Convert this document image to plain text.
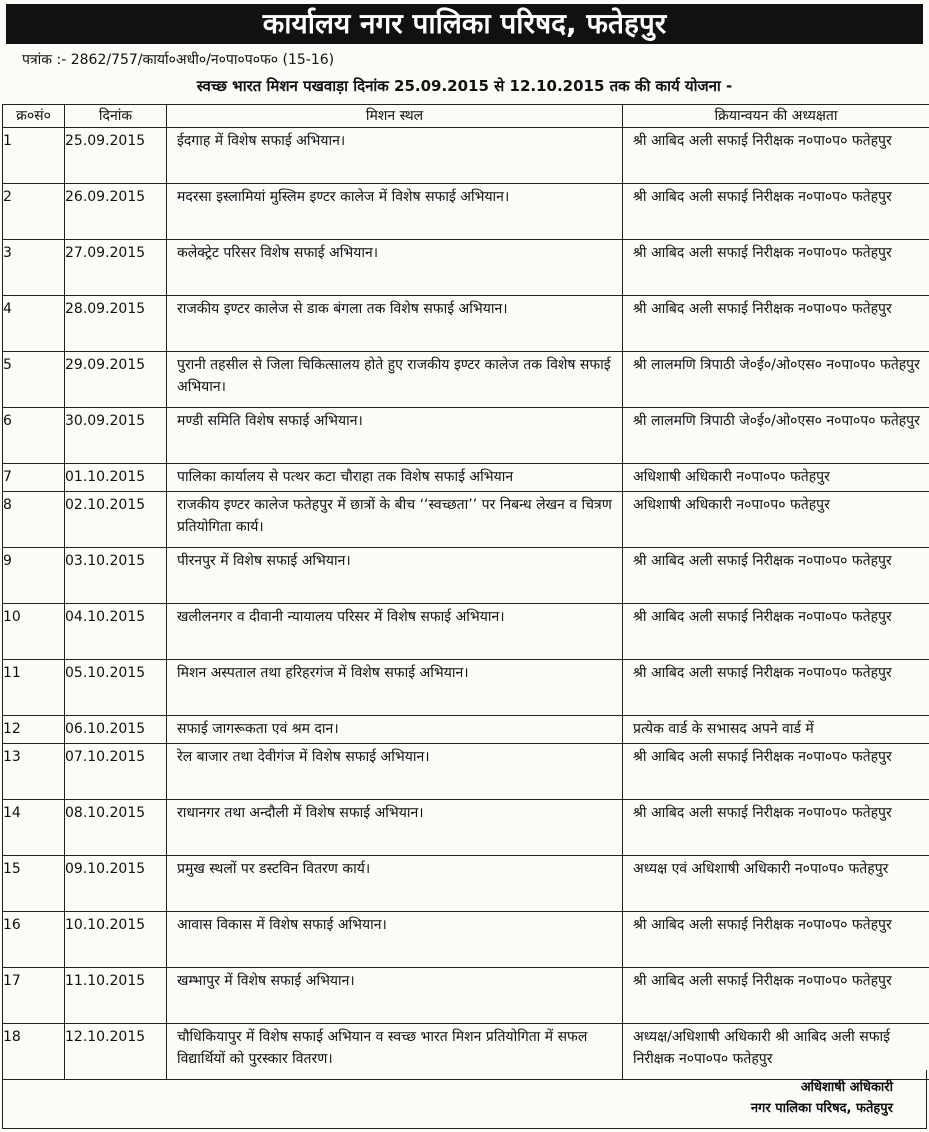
कार्यालय नगर पालिका परिषद, फतेहपुर
पत्रांक :- 2862/757/कार्या०अधी०/न०पा०प०फ० (15-16)
स्वच्छ भारत मिशन पखवाड़ा दिनांक 25.09.2015 से 12.10.2015 तक की कार्य योजना -
क्र०सं०	दिनांक	मिशन स्थल	क्रियान्वयन की अध्यक्षता
1	25.09.2015	ईदगाह में विशेष सफाई अभियान।	श्री आबिद अली सफाई निरीक्षक न०पा०प० फतेहपुर
2	26.09.2015	मदरसा इस्लामियां मुस्लिम इण्टर कालेज में विशेष सफाई अभियान।	श्री आबिद अली सफाई निरीक्षक न०पा०प० फतेहपुर
3	27.09.2015	कलेक्ट्रेट परिसर विशेष सफाई अभियान।	श्री आबिद अली सफाई निरीक्षक न०पा०प० फतेहपुर
4	28.09.2015	राजकीय इण्टर कालेज से डाक बंगला तक विशेष सफाई अभियान।	श्री आबिद अली सफाई निरीक्षक न०पा०प० फतेहपुर
5	29.09.2015	पुरानी तहसील से जिला चिकित्सालय होते हुए राजकीय इण्टर कालेज तक विशेष सफाई अभियान।	श्री लालमणि त्रिपाठी जे०ई०/ओ०एस० न०पा०प० फतेहपुर
6	30.09.2015	मण्डी समिति विशेष सफाई अभियान।	श्री लालमणि त्रिपाठी जे०ई०/ओ०एस० न०पा०प० फतेहपुर
7	01.10.2015	पालिका कार्यालय से पत्थर कटा चौराहा तक विशेष सफाई अभियान	अधिशाषी अधिकारी न०पा०प० फतेहपुर
8	02.10.2015	राजकीय इण्टर कालेज फतेहपुर में छात्रों के बीच ‘‘स्वच्छता’’ पर निबन्ध लेखन व चित्रण प्रतियोगिता कार्य।	अधिशाषी अधिकारी न०पा०प० फतेहपुर
9	03.10.2015	पीरनपुर में विशेष सफाई अभियान।	श्री आबिद अली सफाई निरीक्षक न०पा०प० फतेहपुर
10	04.10.2015	खलीलनगर व दीवानी न्यायालय परिसर में विशेष सफाई अभियान।	श्री आबिद अली सफाई निरीक्षक न०पा०प० फतेहपुर
11	05.10.2015	मिशन अस्पताल तथा हरिहरगंज में विशेष सफाई अभियान।	श्री आबिद अली सफाई निरीक्षक न०पा०प० फतेहपुर
12	06.10.2015	सफाई जागरूकता एवं श्रम दान।	प्रत्येक वार्ड के सभासद अपने वार्ड में
13	07.10.2015	रेल बाजार तथा देवीगंज में विशेष सफाई अभियान।	श्री आबिद अली सफाई निरीक्षक न०पा०प० फतेहपुर
14	08.10.2015	राधानगर तथा अन्दौली में विशेष सफाई अभियान।	श्री आबिद अली सफाई निरीक्षक न०पा०प० फतेहपुर
15	09.10.2015	प्रमुख स्थलों पर डस्टविन वितरण कार्य।	अध्यक्ष एवं अधिशाषी अधिकारी न०पा०प० फतेहपुर
16	10.10.2015	आवास विकास में विशेष सफाई अभियान।	श्री आबिद अली सफाई निरीक्षक न०पा०प० फतेहपुर
17	11.10.2015	खम्भापुर में विशेष सफाई अभियान।	श्री आबिद अली सफाई निरीक्षक न०पा०प० फतेहपुर
18	12.10.2015	चौधिकियापुर में विशेष सफाई अभियान व स्वच्छ भारत मिशन प्रतियोगिता में सफल विद्यार्थियों को पुरस्कार वितरण।	अध्यक्ष/अधिशाषी अधिकारी श्री आबिद अली सफाई निरीक्षक न०पा०प० फतेहपुर
अधिशाषी अधिकारी
नगर पालिका परिषद, फतेहपुर
